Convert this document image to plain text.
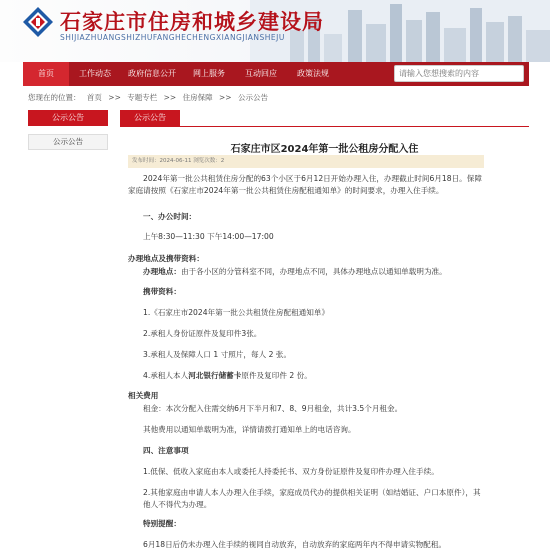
石家庄市住房和城乡建设局
SHIJIAZHUANGSHIZHUFANGHECHENGXIANGJIANSHEJU
首页	工作动态	政府信息公开	网上服务	互动回应	政策法规
请输入您想搜索的内容
您现在的位置： 首页 >> 专题专栏 >> 住房保障 >> 公示公告
公示公告
公示公告
公示公告
石家庄市区2024年第一批公租房分配入住
发布时间：2024-06-11 浏览次数：2
2024年第一批公共租赁住房分配的63个小区于6月12日开始办理入住，办理截止时间6月18日。保障家庭请按照《石家庄市2024年第一批公共租赁住房配租通知单》的时间要求，办理入住手续。
一、办公时间：
上午8:30—11:30 下午14:00—17:00
办理地点及携带资料：
办理地点：由于各小区的分管科室不同，办理地点不同，具体办理地点以通知单载明为准。
携带资料：
1.《石家庄市2024年第一批公共租赁住房配租通知单》
2.承租人身份证原件及复印件3张。
3.承租人及保障人口 1 寸照片，每人 2 张。
4.承租人本人河北银行储蓄卡原件及复印件 2 份。
相关费用
租金：本次分配入住需交纳6月下半月和7、8、9月租金，共计3.5个月租金。
其他费用以通知单载明为准，详情请拨打通知单上的电话咨询。
四、注意事项
1.低保、低收入家庭由本人或委托人持委托书、双方身份证原件及复印件办理入住手续。
2.其他家庭由申请人本人办理入住手续，家庭成员代办的提供相关证明（如结婚证、户口本原件），其他人不得代为办理。
特别提醒：
6月18日后仍未办理入住手续的视同自动放弃，自动放弃的家庭两年内不得申请实物配租。
